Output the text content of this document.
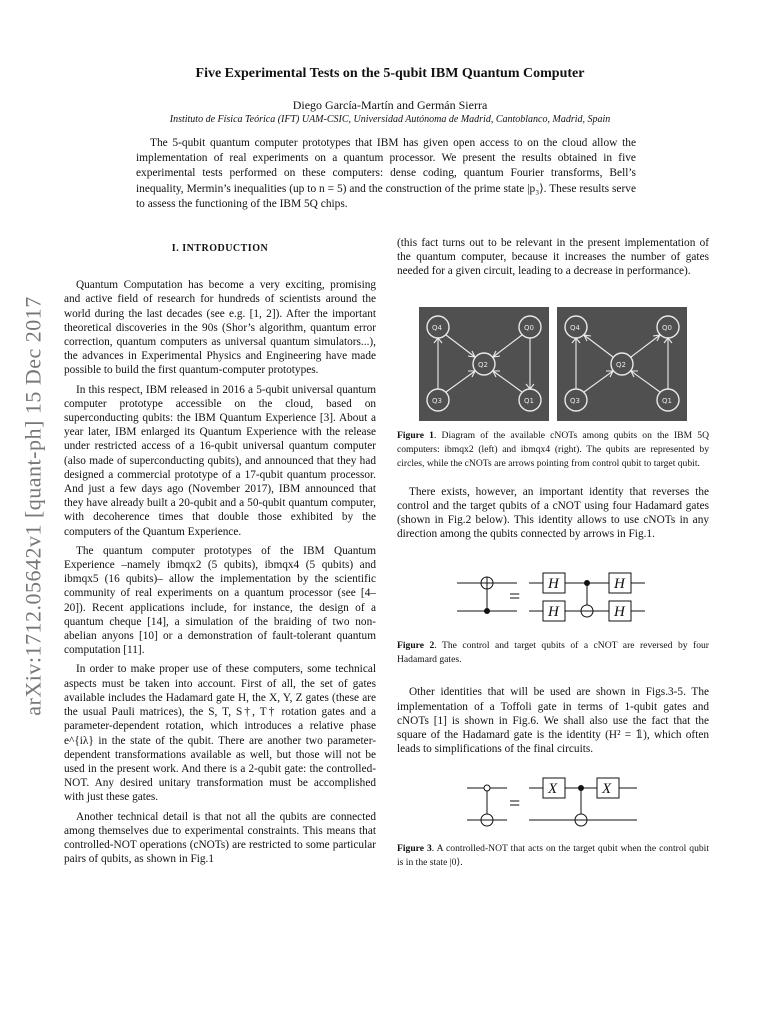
arXiv:1712.05642v1 [quant-ph] 15 Dec 2017
Five Experimental Tests on the 5-qubit IBM Quantum Computer
Diego García-Martín and Germán Sierra
Instituto de Física Teórica (IFT) UAM-CSIC, Universidad Autónoma de Madrid, Cantoblanco, Madrid, Spain

The 5-qubit quantum computer prototypes that IBM has given open access to on the cloud allow the implementation of real experiments on a quantum processor. We present the results obtained in five experimental tests performed on these computers: dense coding, quantum Fourier transforms, Bell’s inequality, Mermin’s inequalities (up to n = 5) and the construction of the prime state |p₃⟩. These results serve to assess the functioning of the IBM 5Q chips.

I. INTRODUCTION

Quantum Computation has become a very exciting, promising and active field of research for hundreds of scientists around the world during the last decades (see e.g. [1, 2]). After the important theoretical discoveries in the 90s (Shor’s algorithm, quantum error correction, quantum computers as universal quantum simulators...), the advances in Experimental Physics and Engineering have made possible to build the first quantum-computer prototypes.

In this respect, IBM released in 2016 a 5-qubit universal quantum computer prototype accessible on the cloud, based on superconducting qubits: the IBM Quantum Experience [3]. About a year later, IBM enlarged its Quantum Experience with the release under restricted access of a 16-qubit universal quantum computer (also made of superconducting qubits), and announced that they had designed a commercial prototype of a 17-qubit quantum processor. And just a few days ago (November 2017), IBM announced that they have already built a 20-qubit and a 50-qubit quantum computer, with decoherence times that double those exhibited by the computers of the Quantum Experience.

The quantum computer prototypes of the IBM Quantum Experience –namely ibmqx2 (5 qubits), ibmqx4 (5 qubits) and ibmqx5 (16 qubits)– allow the implementation by the scientific community of real experiments on a quantum processor (see [4–20]). Recent applications include, for instance, the design of a quantum cheque [14], a simulation of the braiding of two non-abelian anyons [10] or a demonstration of fault-tolerant quantum computation [11].

In order to make proper use of these computers, some technical aspects must be taken into account. First of all, the set of gates available includes the Hadamard gate H, the X, Y, Z gates (these are the usual Pauli matrices), the S, T, S†, T† rotation gates and a parameter-dependent rotation, which introduces a relative phase e^{iλ} in the state of the qubit. There are another two parameter-dependent transformations available as well, but those will not be used in the present work. And there is a 2-qubit gate: the controlled-NOT. Any desired unitary transformation must be accomplished with just these gates.

Another technical detail is that not all the qubits are connected among themselves due to experimental constraints. This means that controlled-NOT operations (cNOTs) are restricted to some particular pairs of qubits, as shown in Fig.1

(this fact turns out to be relevant in the present implementation of the quantum computer, because it increases the number of gates needed for a given circuit, leading to a decrease in performance).

Q4	Q0
Q2
Q3	Q1
Q4	Q0
Q2
Q3	Q1
Figure 1. Diagram of the available cNOTs among qubits on the IBM 5Q computers: ibmqx2 (left) and ibmqx4 (right). The qubits are represented by circles, while the cNOTs are arrows pointing from control qubit to target qubit.

There exists, however, an important identity that reverses the control and the target qubits of a cNOT using four Hadamard gates (shown in Fig.2 below). This identity allows to use cNOTs in any direction among the qubits connected by arrows in Fig.1.

=
H
H
H
H
Figure 2. The control and target qubits of a cNOT are reversed by four Hadamard gates.

Other identities that will be used are shown in Figs.3-5. The implementation of a Toffoli gate in terms of 1-qubit gates and cNOTs [1] is shown in Fig.6. We shall also use the fact that the square of the Hadamard gate is the identity (H² = 𝟙), which often leads to simplifications of the final circuits.

=
X	X
Figure 3. A controlled-NOT that acts on the target qubit when the control qubit is in the state |0⟩.
